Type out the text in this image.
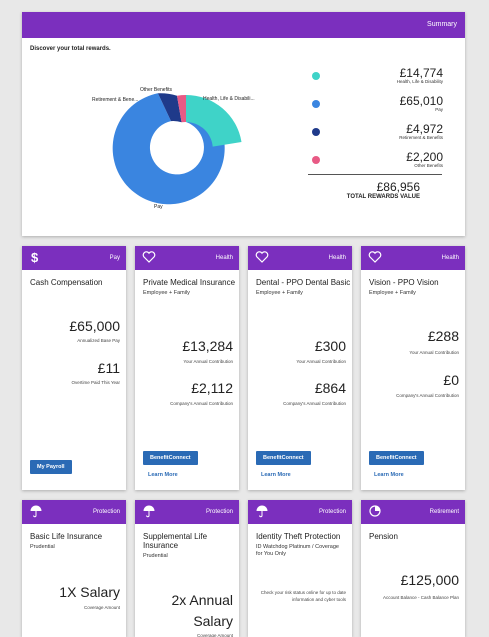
Summary
Discover your total rewards.
Other Benefits
Retirement & Bene...	Health, Life & Disabili...
Pay
£14,774
Health, Life & Disability
£65,010
Pay
£4,972
Retirement & Benefits
£2,200
Other Benefits
£86,956
TOTAL REWARDS VALUE
$	Pay
Cash Compensation
£65,000
Annualized Base Pay
£11
Overtime Paid This Year
My Payroll
Health
Private Medical Insurance
Employee + Family
£13,284
Your Annual Contribution
£2,112
Company's Annual Contribution
BenefitConnect
Learn More
Health
Dental - PPO Dental Basic
Employee + Family
£300
Your Annual Contribution
£864
Company's Annual Contribution
BenefitConnect
Learn More
Health
Vision - PPO Vision
Employee + Family
£288
Your Annual Contribution
£0
Company's Annual Contribution
BenefitConnect
Learn More
Protection
Basic Life Insurance
Prudential
1X Salary
Coverage Amount
Protection
Supplemental Life Insurance
Prudential
2x Annual
Salary
Coverage Amount
Protection
Identity Theft Protection
ID Watchdog Platinum / Coverage for You Only
Check your risk status online for up to date information and cyber tools
Retirement
Pension
£125,000
Account Balance - Cash Balance Plan
